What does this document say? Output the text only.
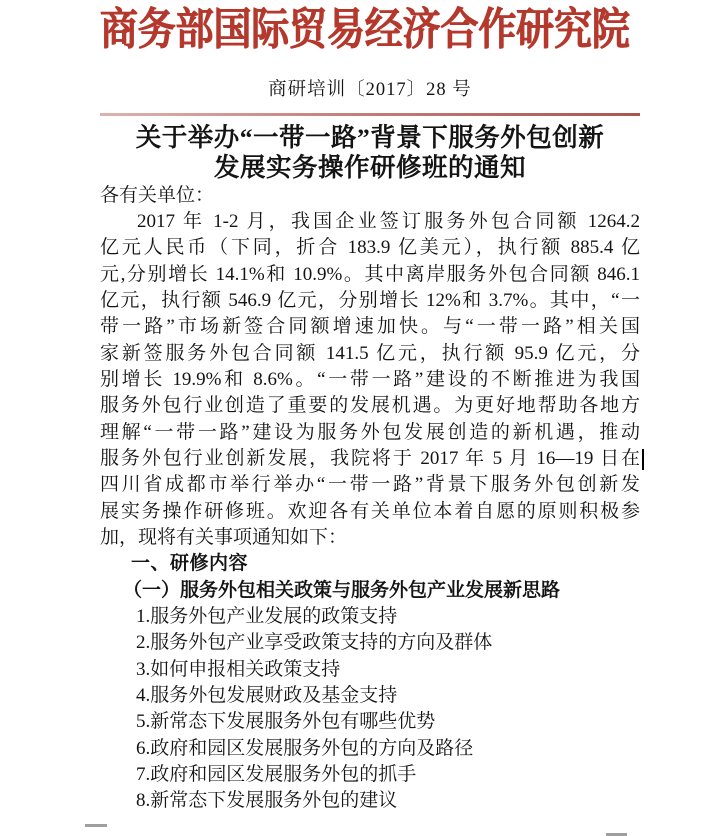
商务部国际贸易经济合作研究院
商研培训〔2017〕28 号
关于举办“一带一路”背景下服务外包创新
发展实务操作研修班的通知
各有关单位：
2017 年 1-2 月，我国企业签订服务外包合同额 1264.2
亿元人民币（下同，折合 183.9 亿美元），执行额 885.4 亿
元,分别增长 14.1%和 10.9%。其中离岸服务外包合同额 846.1
亿元，执行额 546.9 亿元，分别增长 12%和 3.7%。其中，“一
带一路”市场新签合同额增速加快。与“一带一路”相关国
家新签服务外包合同额 141.5 亿元，执行额 95.9 亿元，分
别增长 19.9%和 8.6%。“一带一路”建设的不断推进为我国
服务外包行业创造了重要的发展机遇。为更好地帮助各地方
理解“一带一路”建设为服务外包发展创造的新机遇，推动
服务外包行业创新发展，我院将于 2017 年 5 月 16—19 日在
四川省成都市举行举办“一带一路”背景下服务外包创新发
展实务操作研修班。欢迎各有关单位本着自愿的原则积极参
加，现将有关事项通知如下：
一、研修内容
（一）服务外包相关政策与服务外包产业发展新思路
1.服务外包产业发展的政策支持
2.服务外包产业享受政策支持的方向及群体
3.如何申报相关政策支持
4.服务外包发展财政及基金支持
5.新常态下发展服务外包有哪些优势
6.政府和园区发展服务外包的方向及路径
7.政府和园区发展服务外包的抓手
8.新常态下发展服务外包的建议
